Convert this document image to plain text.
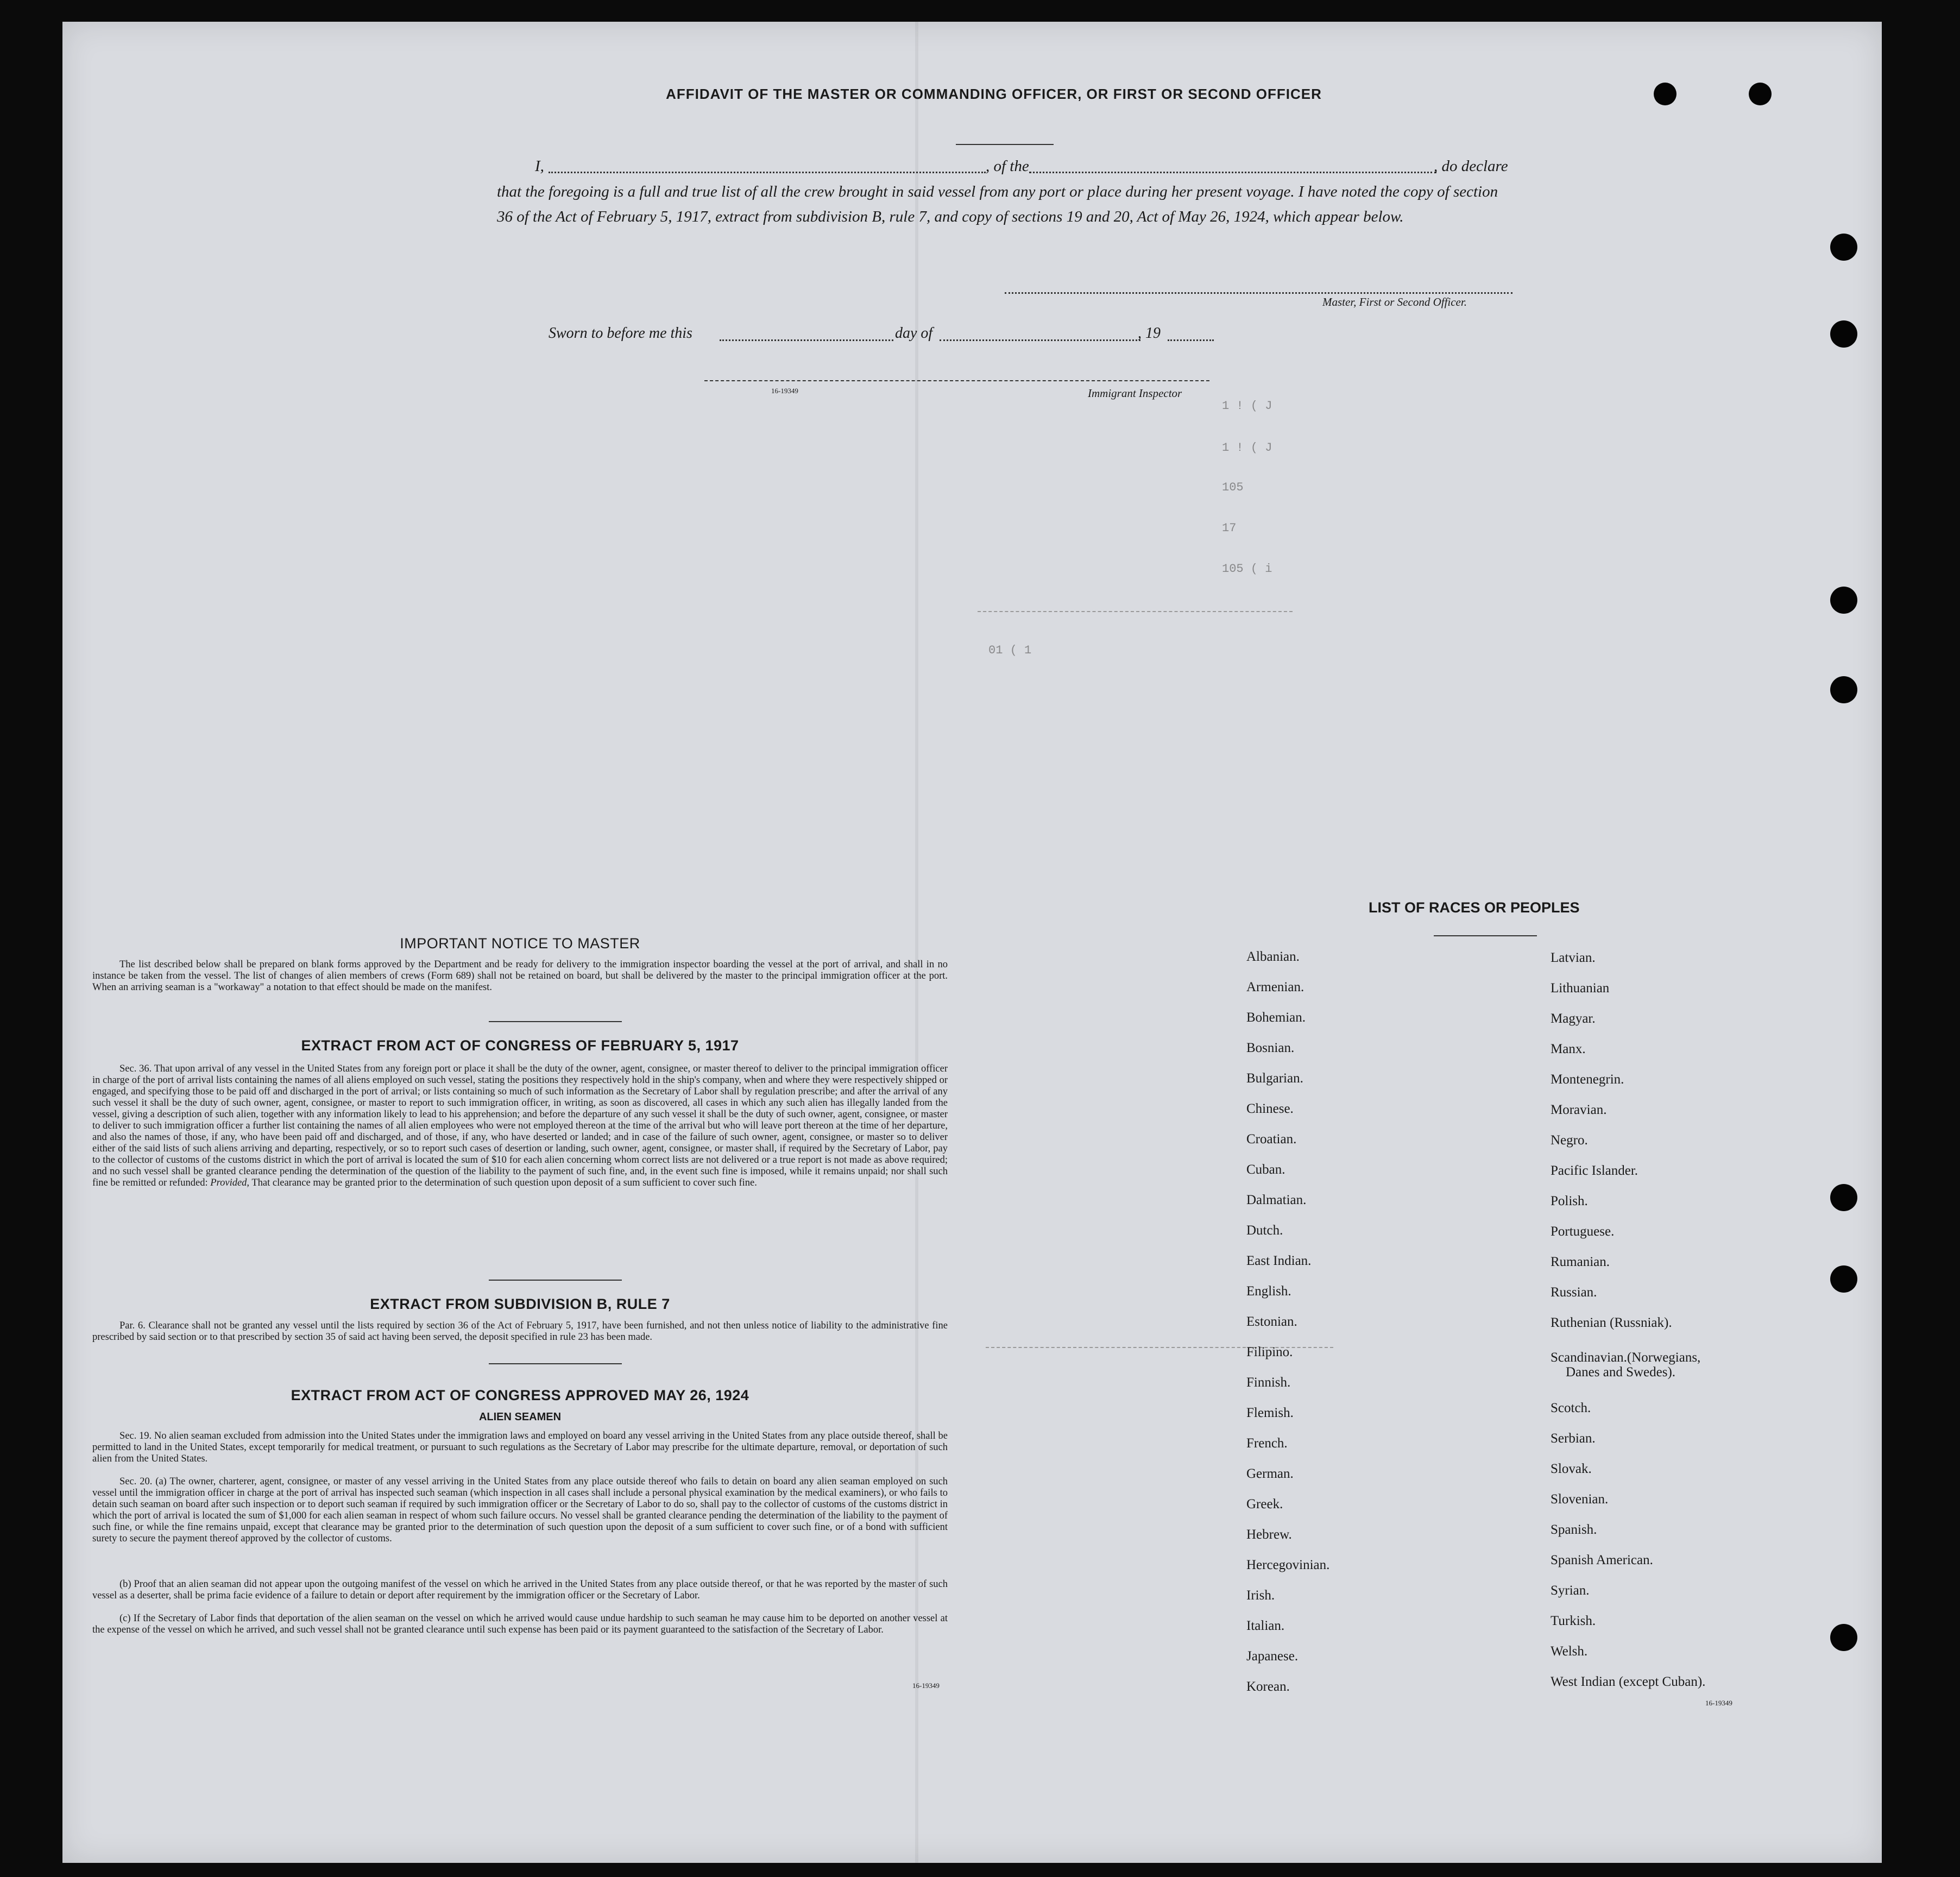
AFFIDAVIT OF THE MASTER OR COMMANDING OFFICER, OR FIRST OR SECOND OFFICER
I,	, of the	, do declare

that the foregoing is a full and true list of all the crew brought in said vessel from any port or place during her present voyage. I have noted the copy of section 36 of the Act of February 5, 1917, extract from subdivision B, rule 7, and copy of sections 19 and 20, Act of May 26, 1924, which appear below.

Master, First or Second Officer.
Sworn to before me this	day of	, 19
16-19349	Immigrant Inspector
1 ! ( J
1 ! ( J
105
17
105 ( i
01 ( 1
IMPORTANT NOTICE TO MASTER

The list described below shall be prepared on blank forms approved by the Department and be ready for delivery to the immigration inspector boarding the vessel at the port of arrival, and shall in no instance be taken from the vessel. The list of changes of alien members of crews (Form 689) shall not be retained on board, but shall be delivered by the master to the principal immigration officer at the port. When an arriving seaman is a "workaway" a notation to that effect should be made on the manifest.

EXTRACT FROM ACT OF CONGRESS OF FEBRUARY 5, 1917

Sec. 36. That upon arrival of any vessel in the United States from any foreign port or place it shall be the duty of the owner, agent, consignee, or master thereof to deliver to the principal immigration officer in charge of the port of arrival lists containing the names of all aliens employed on such vessel, stating the positions they respectively hold in the ship's company, when and where they were respectively shipped or engaged, and specifying those to be paid off and discharged in the port of arrival; or lists containing so much of such information as the Secretary of Labor shall by regulation prescribe; and after the arrival of any such vessel it shall be the duty of such owner, agent, consignee, or master to report to such immigration officer, in writing, as soon as discovered, all cases in which any such alien has illegally landed from the vessel, giving a description of such alien, together with any information likely to lead to his apprehension; and before the departure of any such vessel it shall be the duty of such owner, agent, consignee, or master to deliver to such immigration officer a further list containing the names of all alien employees who were not employed thereon at the time of the arrival but who will leave port thereon at the time of her departure, and also the names of those, if any, who have been paid off and discharged, and of those, if any, who have deserted or landed; and in case of the failure of such owner, agent, consignee, or master so to deliver either of the said lists of such aliens arriving and departing, respectively, or so to report such cases of desertion or landing, such owner, agent, consignee, or master shall, if required by the Secretary of Labor, pay to the collector of customs of the customs district in which the port of arrival is located the sum of $10 for each alien concerning whom correct lists are not delivered or a true report is not made as above required; and no such vessel shall be granted clearance pending the determination of the question of the liability to the payment of such fine, and, in the event such fine is imposed, while it remains unpaid; nor shall such fine be remitted or refunded: Provided, That clearance may be granted prior to the determination of such question upon deposit of a sum sufficient to cover such fine.

EXTRACT FROM SUBDIVISION B, RULE 7

Par. 6. Clearance shall not be granted any vessel until the lists required by section 36 of the Act of February 5, 1917, have been furnished, and not then unless notice of liability to the administrative fine prescribed by said section or to that prescribed by section 35 of said act having been served, the deposit specified in rule 23 has been made.

EXTRACT FROM ACT OF CONGRESS APPROVED MAY 26, 1924
ALIEN SEAMEN

Sec. 19. No alien seaman excluded from admission into the United States under the immigration laws and employed on board any vessel arriving in the United States from any place outside thereof, shall be permitted to land in the United States, except temporarily for medical treatment, or pursuant to such regulations as the Secretary of Labor may prescribe for the ultimate departure, removal, or deportation of such alien from the United States.

Sec. 20. (a) The owner, charterer, agent, consignee, or master of any vessel arriving in the United States from any place outside thereof who fails to detain on board any alien seaman employed on such vessel until the immigration officer in charge at the port of arrival has inspected such seaman (which inspection in all cases shall include a personal physical examination by the medical examiners), or who fails to detain such seaman on board after such inspection or to deport such seaman if required by such immigration officer or the Secretary of Labor to do so, shall pay to the collector of customs of the customs district in which the port of arrival is located the sum of $1,000 for each alien seaman in respect of whom such failure occurs. No vessel shall be granted clearance pending the determination of the liability to the payment of such fine, or while the fine remains unpaid, except that clearance may be granted prior to the determination of such question upon the deposit of a sum sufficient to cover such fine, or of a bond with sufficient surety to secure the payment thereof approved by the collector of customs.

(b) Proof that an alien seaman did not appear upon the outgoing manifest of the vessel on which he arrived in the United States from any place outside thereof, or that he was reported by the master of such vessel as a deserter, shall be prima facie evidence of a failure to detain or deport after requirement by the immigration officer or the Secretary of Labor.

(c) If the Secretary of Labor finds that deportation of the alien seaman on the vessel on which he arrived would cause undue hardship to such seaman he may cause him to be deported on another vessel at the expense of the vessel on which he arrived, and such vessel shall not be granted clearance until such expense has been paid or its payment guaranteed to the satisfaction of the Secretary of Labor.

16-19349
LIST OF RACES OR PEOPLES
Albanian.
Armenian.
Bohemian.
Bosnian.
Bulgarian.
Chinese.
Croatian.
Cuban.
Dalmatian.
Dutch.
East Indian.
English.
Estonian.
Filipino.
Finnish.
Flemish.
French.
German.
Greek.
Hebrew.
Hercegovinian.
Irish.
Italian.
Japanese.
Korean.
Latvian.
Lithuanian
Magyar.
Manx.
Montenegrin.
Moravian.
Negro.
Pacific Islander.
Polish.
Portuguese.
Rumanian.
Russian.
Ruthenian (Russniak).
Scandinavian.(Norwegians,
Danes and Swedes).
Scotch.
Serbian.
Slovak.
Slovenian.
Spanish.
Spanish American.
Syrian.
Turkish.
Welsh.
West Indian (except Cuban).
16-19349
